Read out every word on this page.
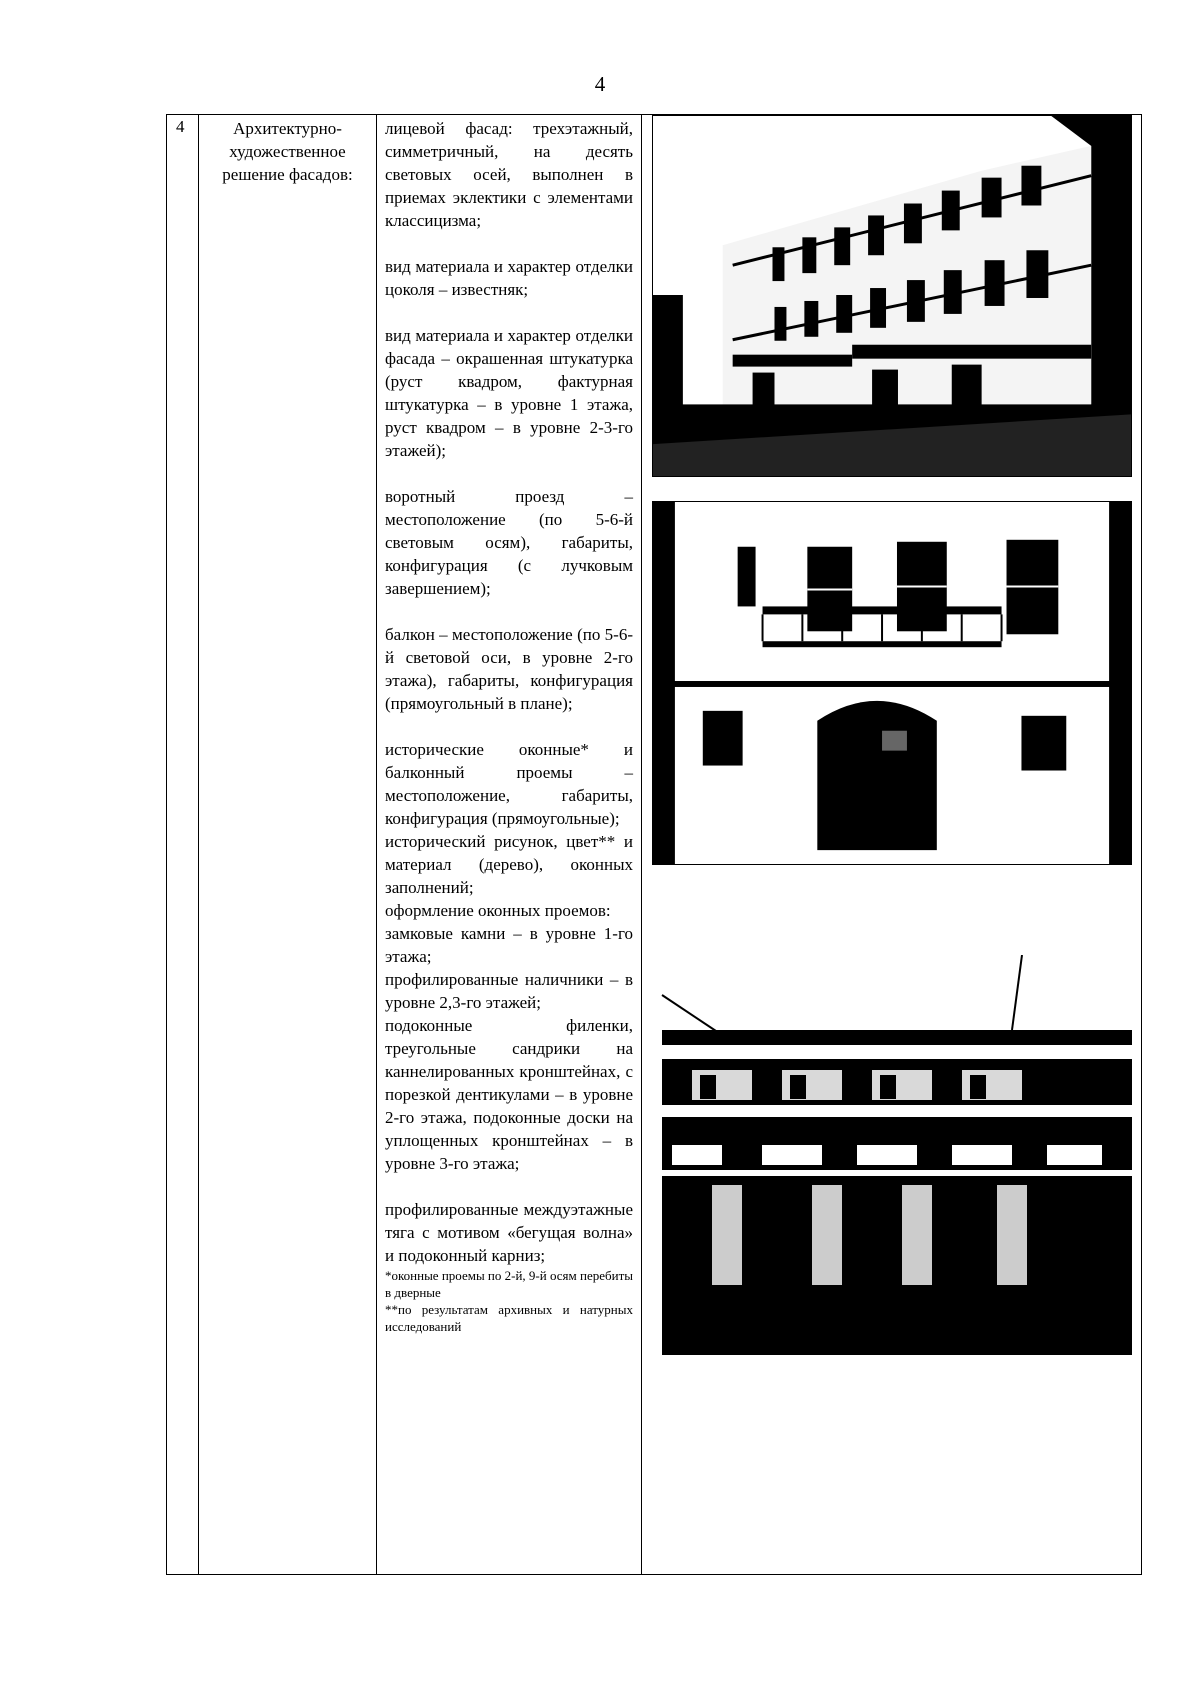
4
4	Архитектурно-художественное решение фасадов:

лицевой фасад: трехэтажный, симметричный, на десять световых осей, выполнен в приемах эклектики с элементами классицизма;

вид материала и характер отделки цоколя – известняк;

вид материала и характер отделки фасада – окрашенная штукатурка (руст квадром, фактурная штукатурка – в уровне 1 этажа, руст квадром – в уровне 2-3-го этажей);

воротный проезд – местоположение (по 5-6-й световым осям), габариты, конфигурация (с лучковым завершением);

балкон – местоположение (по 5-6-й световой оси, в уровне 2-го этажа), габариты, конфигурация (прямоугольный в плане);

исторические оконные* и балконный проемы – местоположение, габариты, конфигурация (прямоугольные);

исторический рисунок, цвет** и материал (дерево), оконных заполнений;

оформление оконных проемов:

замковые камни – в уровне 1-го этажа;

профилированные наличники – в уровне 2,3-го этажей;

подоконные филенки, треугольные сандрики на каннелированных кронштейнах, с порезкой дентикулами – в уровне 2-го этажа, подоконные доски на уплощенных кронштейнах – в уровне 3-го этажа;

профилированные междуэтажные тяга с мотивом «бегущая волна» и подоконный карниз;

*оконные проемы по 2-й, 9-й осям перебиты в дверные

**по результатам архивных и натурных исследований
